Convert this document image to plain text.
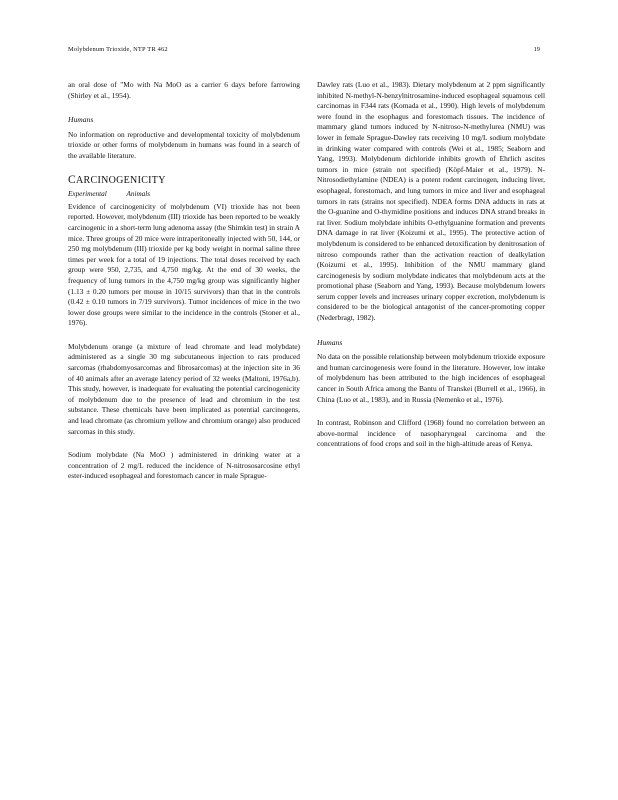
Molybdenum Trioxide, NTP TR 462	19

an oral dose of "Mo with Na MoO as a carrier 6 days before farrowing (Shirley et al., 1954).

Humans

No information on reproductive and developmental toxicity of molybdenum trioxide or other forms of molybdenum in humans was found in a search of the available literature.

CARCINOGENICITY
Experimental	Animals

Evidence of carcinogenicity of molybdenum (VI) trioxide has not been reported. However, molybdenum (III) trioxide has been reported to be weakly carcinogenic in a short-term lung adenoma assay (the Shimkin test) in strain A mice. Three groups of 20 mice were intraperitoneally injected with 50, 144, or 250 mg molybdenum (III) trioxide per kg body weight in normal saline three times per week for a total of 19 injections. The total doses received by each group were 950, 2,735, and 4,750 mg/kg. At the end of 30 weeks, the frequency of lung tumors in the 4,750 mg/kg group was significantly higher (1.13 ± 0.20 tumors per mouse in 10/15 survivors) than that in the controls (0.42 ± 0.10 tumors in 7/19 survivors). Tumor incidences of mice in the two lower dose groups were similar to the incidence in the controls (Stoner et al., 1976).

Molybdenum orange (a mixture of lead chromate and lead molybdate) administered as a single 30 mg subcutaneous injection to rats produced sarcomas (rhabdomyosarcomas and fibrosarcomas) at the injection site in 36 of 40 animals after an average latency period of 32 weeks (Maltoni, 1976a,b). This study, however, is inadequate for evaluating the potential carcinogenicity of molybdenum due to the presence of lead and chromium in the test substance. These chemicals have been implicated as potential carcinogens, and lead chromate (as chromium yellow and chromium orange) also produced sarcomas in this study.

Sodium molybdate (Na MoO ) administered in drinking water at a concentration of 2 mg/L reduced the incidence of N-nitrososarcosine ethyl ester-induced esophageal and forestomach cancer in male Sprague-

Dawley rats (Luo et al., 1983). Dietary molybdenum at 2 ppm significantly inhibited N-methyl-N-benzylnitrosamine-induced esophageal squamous cell carcinomas in F344 rats (Komada et al., 1990). High levels of molybdenum were found in the esophagus and forestomach tissues. The incidence of mammary gland tumors induced by N-nitroso-N-methylurea (NMU) was lower in female Sprague-Dawley rats receiving 10 mg/L sodium molybdate in drinking water compared with controls (Wei et al., 1985; Seaborn and Yang, 1993). Molybdenum dichloride inhibits growth of Ehrlich ascites tumors in mice (strain not specified) (Köpf-Maier et al., 1979). N-Nitrosodiethylamine (NDEA) is a potent rodent carcinogen, inducing liver, esophageal, forestomach, and lung tumors in mice and liver and esophageal tumors in rats (strains not specified). NDEA forms DNA adducts in rats at the O-guanine and O-thymidine positions and induces DNA strand breaks in rat liver. Sodium molybdate inhibits O-ethylguanine formation and prevents DNA damage in rat liver (Koizumi et al., 1995). The protective action of molybdenum is considered to be enhanced detoxification by denitrosation of nitroso compounds rather than the activation reaction of dealkylation (Koizumi et al., 1995). Inhibition of the NMU mammary gland carcinogenesis by sodium molybdate indicates that molybdenum acts at the promotional phase (Seaborn and Yang, 1993). Because molybdenum lowers serum copper levels and increases urinary copper excretion, molybdenum is considered to be the biological antagonist of the cancer-promoting copper (Nederbragt, 1982).

Humans

No data on the possible relationship between molybdenum trioxide exposure and human carcinogenesis were found in the literature. However, low intake of molybdenum has been attributed to the high incidences of esophageal cancer in South Africa among the Bantu of Transkei (Burrell et al., 1966), in China (Luo et al., 1983), and in Russia (Nemenko et al., 1976).

In contrast, Robinson and Clifford (1968) found no correlation between an above-normal incidence of nasopharyngeal carcinoma and the concentrations of food crops and soil in the high-altitude areas of Kenya.
